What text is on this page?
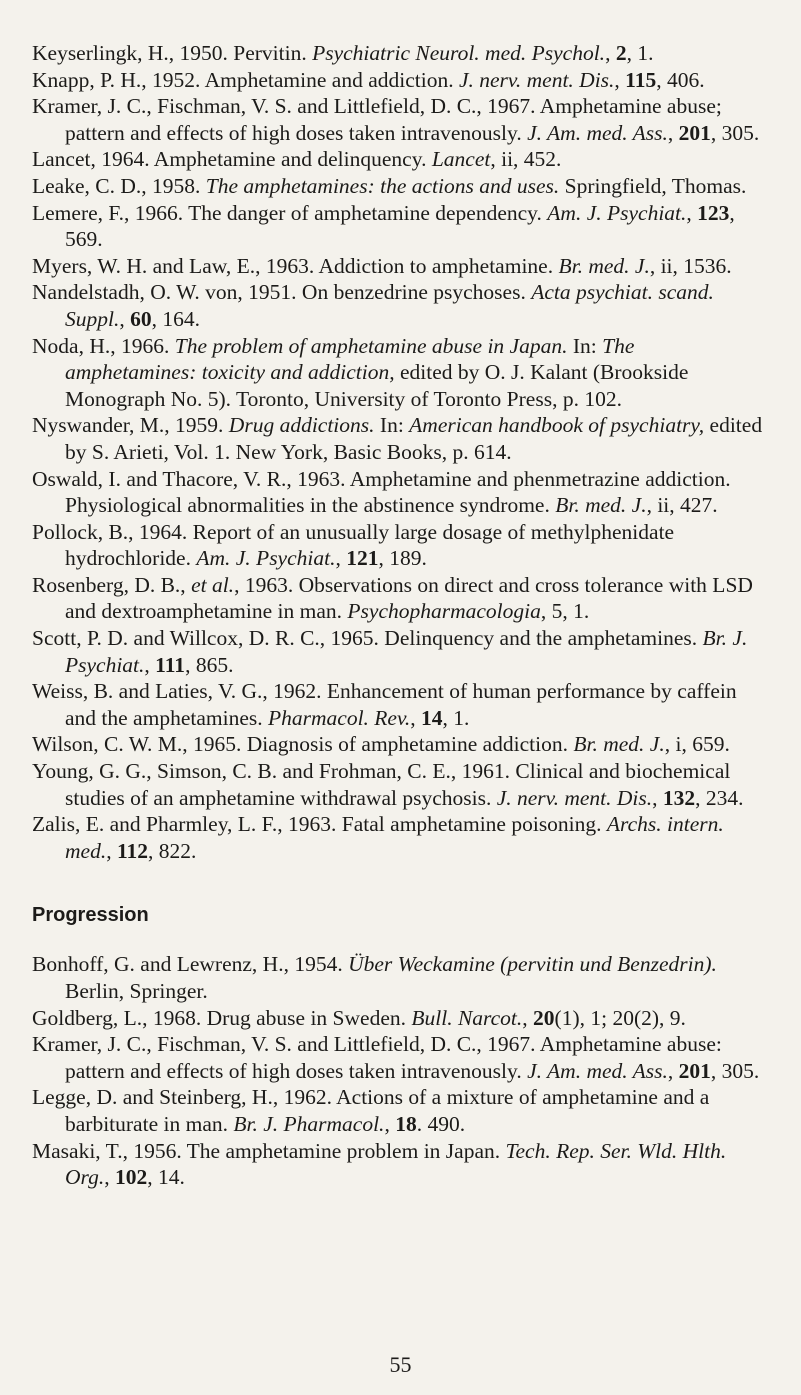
Keyserlingk, H., 1950. Pervitin. Psychiatric Neurol. med. Psychol., 2, 1.
Knapp, P. H., 1952. Amphetamine and addiction. J. nerv. ment. Dis., 115, 406.
Kramer, J. C., Fischman, V. S. and Littlefield, D. C., 1967. Amphetamine abuse; pattern and effects of high doses taken intravenously. J. Am. med. Ass., 201, 305.
Lancet, 1964. Amphetamine and delinquency. Lancet, ii, 452.
Leake, C. D., 1958. The amphetamines: the actions and uses. Springfield, Thomas.
Lemere, F., 1966. The danger of amphetamine dependency. Am. J. Psychiat., 123, 569.
Myers, W. H. and Law, E., 1963. Addiction to amphetamine. Br. med. J., ii, 1536.
Nandelstadh, O. W. von, 1951. On benzedrine psychoses. Acta psychiat. scand. Suppl., 60, 164.
Noda, H., 1966. The problem of amphetamine abuse in Japan. In: The amphetamines: toxicity and addiction, edited by O. J. Kalant (Brookside Monograph No. 5). Toronto, University of Toronto Press, p. 102.
Nyswander, M., 1959. Drug addictions. In: American handbook of psychiatry, edited by S. Arieti, Vol. 1. New York, Basic Books, p. 614.
Oswald, I. and Thacore, V. R., 1963. Amphetamine and phenmetrazine addiction. Physiological abnormalities in the abstinence syndrome. Br. med. J., ii, 427.
Pollock, B., 1964. Report of an unusually large dosage of methylphenidate hydrochloride. Am. J. Psychiat., 121, 189.
Rosenberg, D. B., et al., 1963. Observations on direct and cross tolerance with LSD and dextroamphetamine in man. Psychopharmacologia, 5, 1.
Scott, P. D. and Willcox, D. R. C., 1965. Delinquency and the amphetamines. Br. J. Psychiat., 111, 865.
Weiss, B. and Laties, V. G., 1962. Enhancement of human performance by caffein and the amphetamines. Pharmacol. Rev., 14, 1.
Wilson, C. W. M., 1965. Diagnosis of amphetamine addiction. Br. med. J., i, 659.
Young, G. G., Simson, C. B. and Frohman, C. E., 1961. Clinical and biochemical studies of an amphetamine withdrawal psychosis. J. nerv. ment. Dis., 132, 234.
Zalis, E. and Pharmley, L. F., 1963. Fatal amphetamine poisoning. Archs. intern. med., 112, 822.
Progression
Bonhoff, G. and Lewrenz, H., 1954. Über Weckamine (pervitin und Benzedrin). Berlin, Springer.
Goldberg, L., 1968. Drug abuse in Sweden. Bull. Narcot., 20(1), 1; 20(2), 9.
Kramer, J. C., Fischman, V. S. and Littlefield, D. C., 1967. Amphetamine abuse: pattern and effects of high doses taken intravenously. J. Am. med. Ass., 201, 305.
Legge, D. and Steinberg, H., 1962. Actions of a mixture of amphetamine and a barbiturate in man. Br. J. Pharmacol., 18. 490.
Masaki, T., 1956. The amphetamine problem in Japan. Tech. Rep. Ser. Wld. Hlth. Org., 102, 14.
55
